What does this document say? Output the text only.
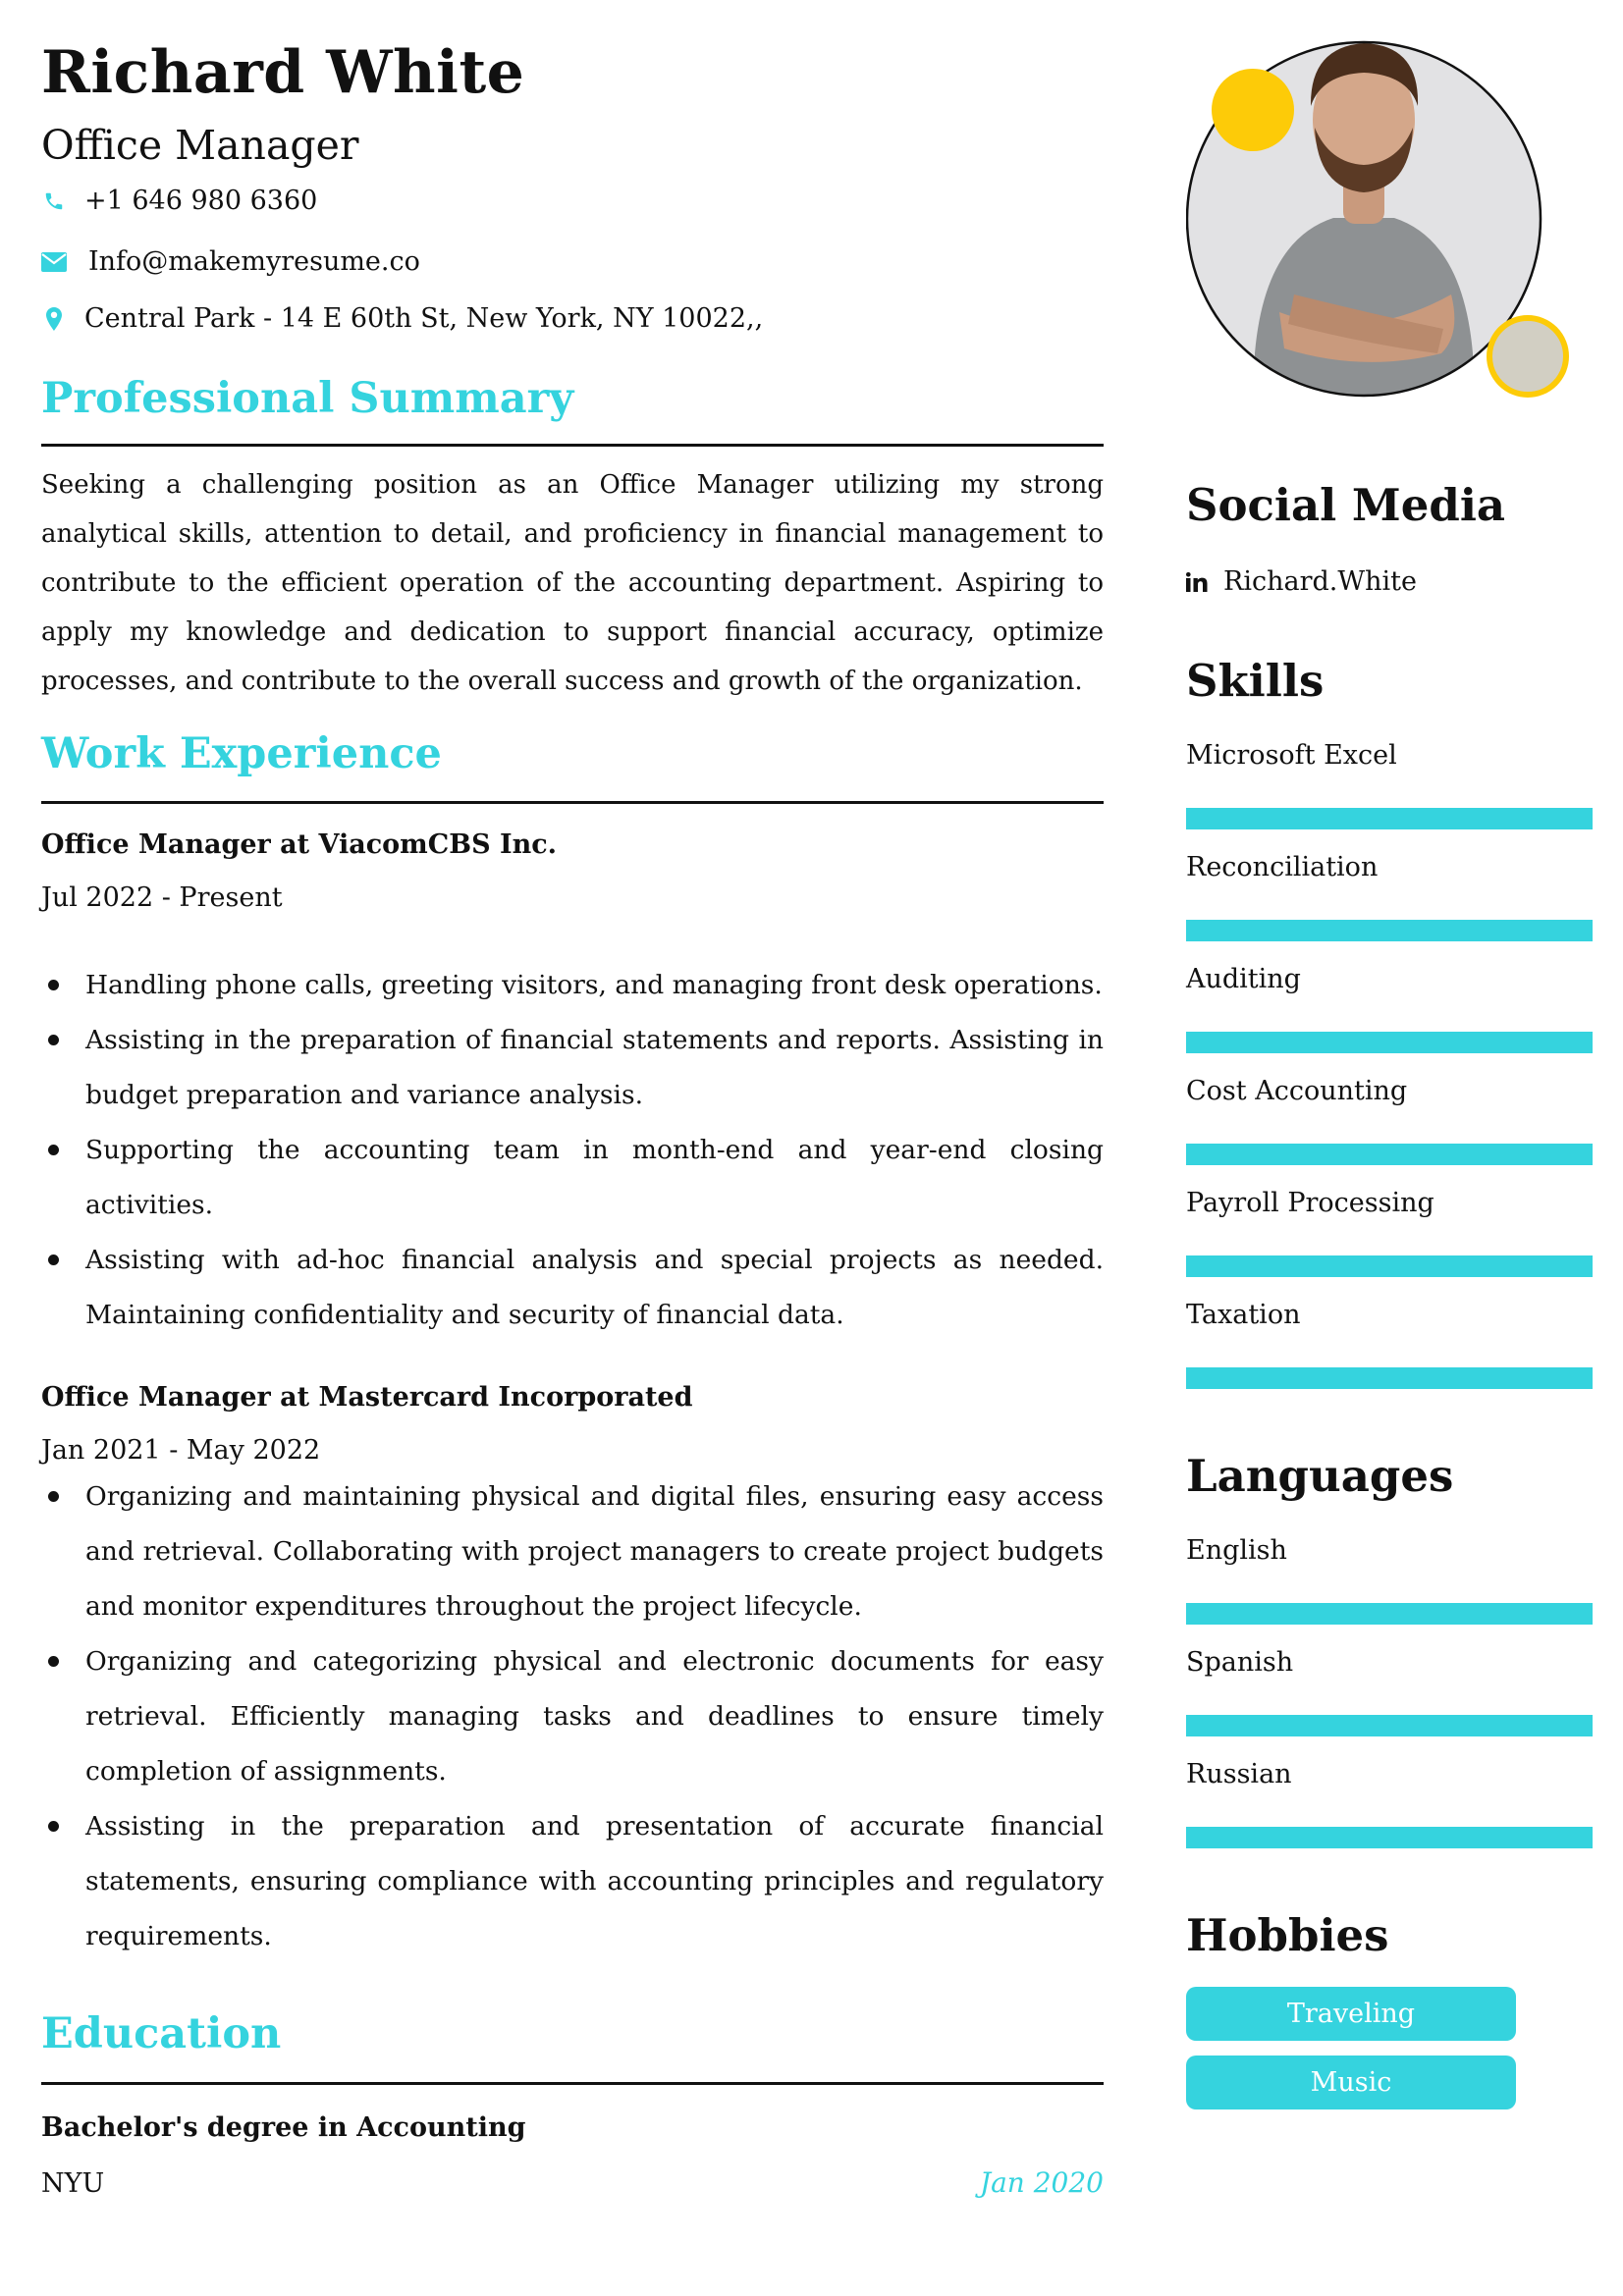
Richard White
Office Manager
+1 646 980 6360
Info@makemyresume.co
Central Park - 14 E 60th St, New York, NY 10022,,
Professional Summary

Seeking a challenging position as an Office Manager utilizing my strong analytical skills, attention to detail, and proficiency in financial management to contribute to the efficient operation of the accounting department. Aspiring to apply my knowledge and dedication to support financial accuracy, optimize processes, and contribute to the overall success and growth of the organization.

Work Experience
Office Manager at ViacomCBS Inc.
Jul 2022 - Present
Handling phone calls, greeting visitors, and managing front desk operations.
Assisting in the preparation of financial statements and reports. Assisting in budget preparation and variance analysis.
Supporting the accounting team in month-end and year-end closing activities.
Assisting with ad-hoc financial analysis and special projects as needed. Maintaining confidentiality and security of financial data.
Office Manager at Mastercard Incorporated
Jan 2021 - May 2022
Organizing and maintaining physical and digital files, ensuring easy access and retrieval. Collaborating with project managers to create project budgets and monitor expenditures throughout the project lifecycle.
Organizing and categorizing physical and electronic documents for easy retrieval. Efficiently managing tasks and deadlines to ensure timely completion of assignments.
Assisting in the preparation and presentation of accurate financial statements, ensuring compliance with accounting principles and regulatory requirements.
Education
Bachelor's degree in Accounting
NYU	Jan 2020
Social Media
Richard.White
Skills
Microsoft Excel
Reconciliation
Auditing
Cost Accounting
Payroll Processing
Taxation
Languages
English
Spanish
Russian
Hobbies
Traveling
Music
